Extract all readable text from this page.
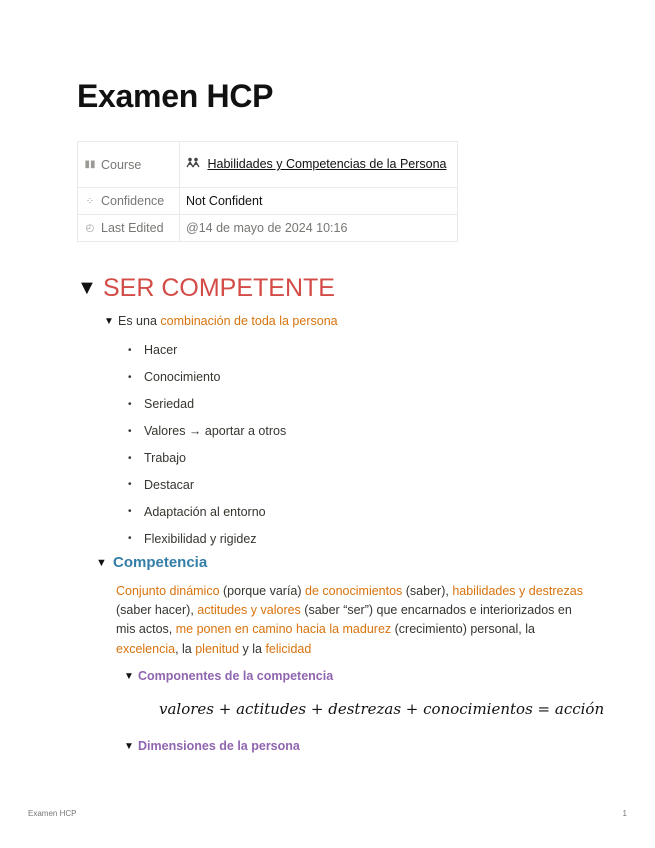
Examen HCP
▮▮ Course	Habilidades y Competencias de la Persona

⁘ Confidence	Not Confident

◴ Last Edited	@14 de mayo de 2024 10:16
▼ SER COMPETENTE
▼ Es una combinación de toda la persona
• Hacer
• Conocimiento
• Seriedad
• Valores → aportar a otros
• Trabajo
• Destacar
• Adaptación al entorno
• Flexibilidad y rigidez
▼ Competencia
Conjunto dinámico (porque varía) de conocimientos (saber), habilidades y destrezas (saber hacer), actitudes y valores (saber “ser”) que encarnados e interiorizados en mis actos, me ponen en camino hacia la madurez (crecimiento) personal, la excelencia, la plenitud y la felicidad
▼ Componentes de la competencia
valores + actitudes + destrezas + conocimientos = acción
▼ Dimensiones de la persona
Examen HCP	1
